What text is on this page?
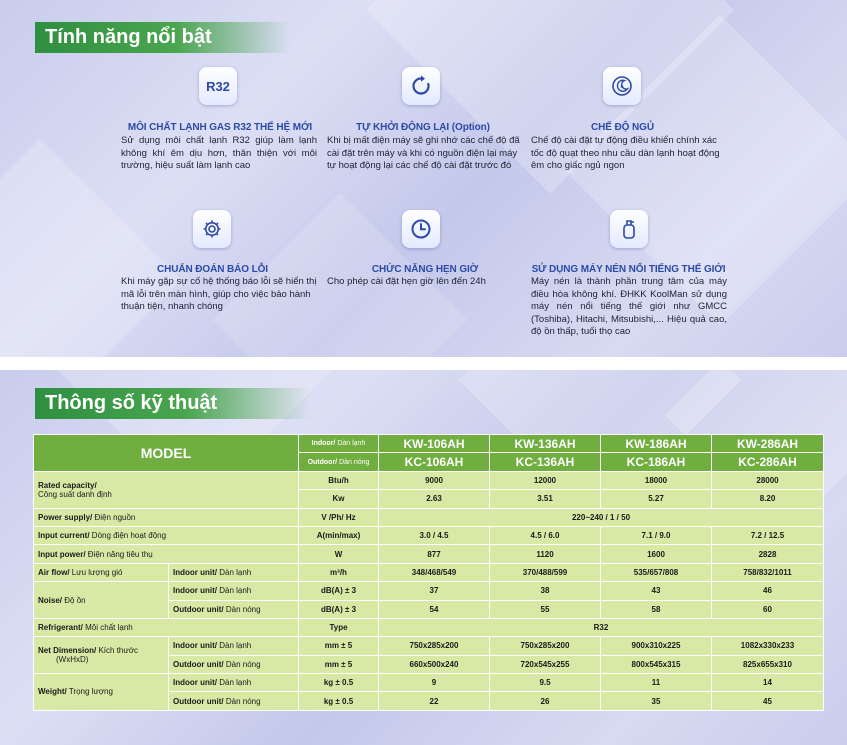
Tính năng nổi bật
R32
MÔI CHẤT LẠNH GAS R32 THẾ HỆ MỚI
Sử dụng môi chất lạnh R32 giúp làm lạnh không khí êm dịu hơn, thân thiện với môi trường, hiệu suất làm lạnh cao
TỰ KHỞI ĐỘNG LẠI (Option)
Khi bị mất điện máy sẽ ghi nhớ các chế độ đã cài đặt trên máy và khi có nguồn điện lại máy tự hoạt động lại các chế độ cài đặt trước đó
CHẾ ĐỘ NGỦ
Chế độ cài đặt tự động điều khiển chính xác tốc độ quạt theo nhu cầu dàn lạnh hoạt động êm cho giấc ngủ ngon
CHUẨN ĐOÁN BÁO LỖI
Khi máy gặp sự cố hệ thống báo lỗi sẽ hiển thị mã lỗi trên màn hình, giúp cho việc bảo hành thuận tiện, nhanh chóng
CHỨC NĂNG HẸN GIỜ
Cho phép cài đặt hẹn giờ lên đến 24h
SỬ DỤNG MÁY NÉN NỔI TIẾNG THẾ GIỚI
Máy nén là thành phần trung tâm của máy điều hòa không khí. ĐHKK KoolMan sử dụng máy nén nổi tiếng thế giới như GMCC (Toshiba), Hitachi, Mitsubishi,... Hiệu quả cao, độ ồn thấp, tuổi thọ cao
Thông số kỹ thuật
MODEL		Indoor/ Dàn lạnh	KW-106AH	KW-136AH	KW-186AH	KW-286AH
		Outdoor/ Dàn nóng	KC-106AH	KC-136AH	KC-186AH	KC-286AH
Rated capacity/
Công suất danh định		Btu/h	9000	12000	18000	28000
		Kw	2.63	3.51	5.27	8.20
Power supply/ Điện nguồn		V /Ph/ Hz	220~240 / 1 / 50			
Input current/ Dòng điện hoạt động		A(min/max)	3.0 / 4.5	4.5 / 6.0	7.1 / 9.0	7.2 / 12.5
Input power/ Điện năng tiêu thụ		W	877	1120	1600	2828
Air flow/ Lưu lượng gió	Indoor unit/ Dàn lạnh	m³/h	348/468/549	370/488/599	535/657/808	758/832/1011
Noise/ Độ ồn	Indoor unit/ Dàn lạnh	dB(A) ± 3	37	38	43	46
	Outdoor unit/ Dàn nóng	dB(A) ± 3	54	55	58	60
Refrigerant/ Môi chất lạnh		Type	R32			
Net Dimension/ Kích thước
(WxHxD)	Indoor unit/ Dàn lạnh	mm ± 5	750x285x200	750x285x200	900x310x225	1082x330x233
	Outdoor unit/ Dàn nóng	mm ± 5	660x500x240	720x545x255	800x545x315	825x655x310
Weight/ Trọng lượng	Indoor unit/ Dàn lạnh	kg ± 0.5	9	9.5	11	14
	Outdoor unit/ Dàn nóng	kg ± 0.5	22	26	35	45
